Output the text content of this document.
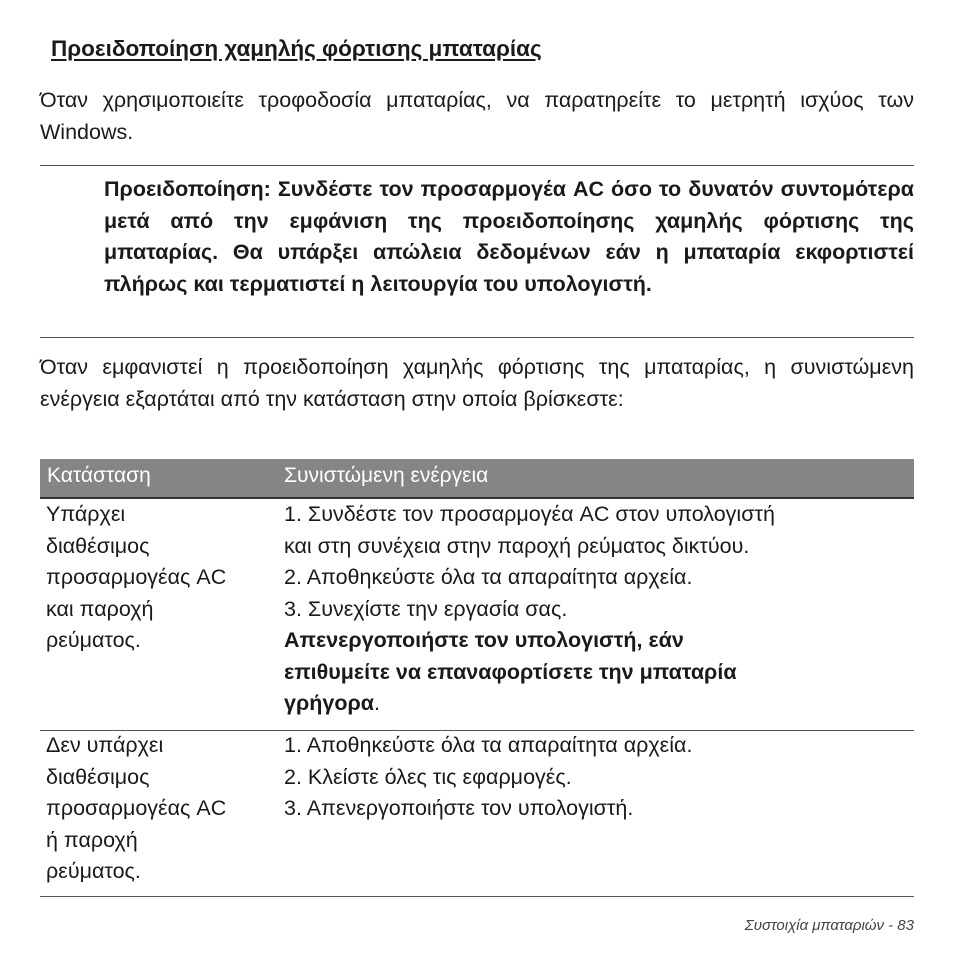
Προειδοποίηση χαμηλής φόρτισης μπαταρίας

Όταν χρησιμοποιείτε τροφοδοσία μπαταρίας, να παρατηρείτε το μετρητή ισχύος των Windows.

Προειδοποίηση: Συνδέστε τον προσαρμογέα AC όσο το δυνατόν συντομότερα μετά από την εμφάνιση της προειδοποίησης χαμηλής φόρτισης της μπαταρίας. Θα υπάρξει απώλεια δεδομένων εάν η μπαταρία εκφορτιστεί πλήρως και τερματιστεί η λειτουργία του υπολογιστή.

Όταν εμφανιστεί η προειδοποίηση χαμηλής φόρτισης της μπαταρίας, η συνιστώμενη ενέργεια εξαρτάται από την κατάσταση στην οποία βρίσκεστε:

Κατάσταση	Συνιστώμενη ενέργεια
Υπάρχει
διαθέσιμος
προσαρμογέας AC
και παροχή
ρεύματος.
1. Συνδέστε τον προσαρμογέα AC στον υπολογιστή
και στη συνέχεια στην παροχή ρεύματος δικτύου.
2. Αποθηκεύστε όλα τα απαραίτητα αρχεία.
3. Συνεχίστε την εργασία σας.
Απενεργοποιήστε τον υπολογιστή, εάν
επιθυμείτε να επαναφορτίσετε την μπαταρία
γρήγορα.
Δεν υπάρχει
διαθέσιμος
προσαρμογέας AC
ή παροχή
ρεύματος.
1. Αποθηκεύστε όλα τα απαραίτητα αρχεία.
2. Κλείστε όλες τις εφαρμογές.
3. Απενεργοποιήστε τον υπολογιστή.
Συστοιχία μπαταριών - 83
